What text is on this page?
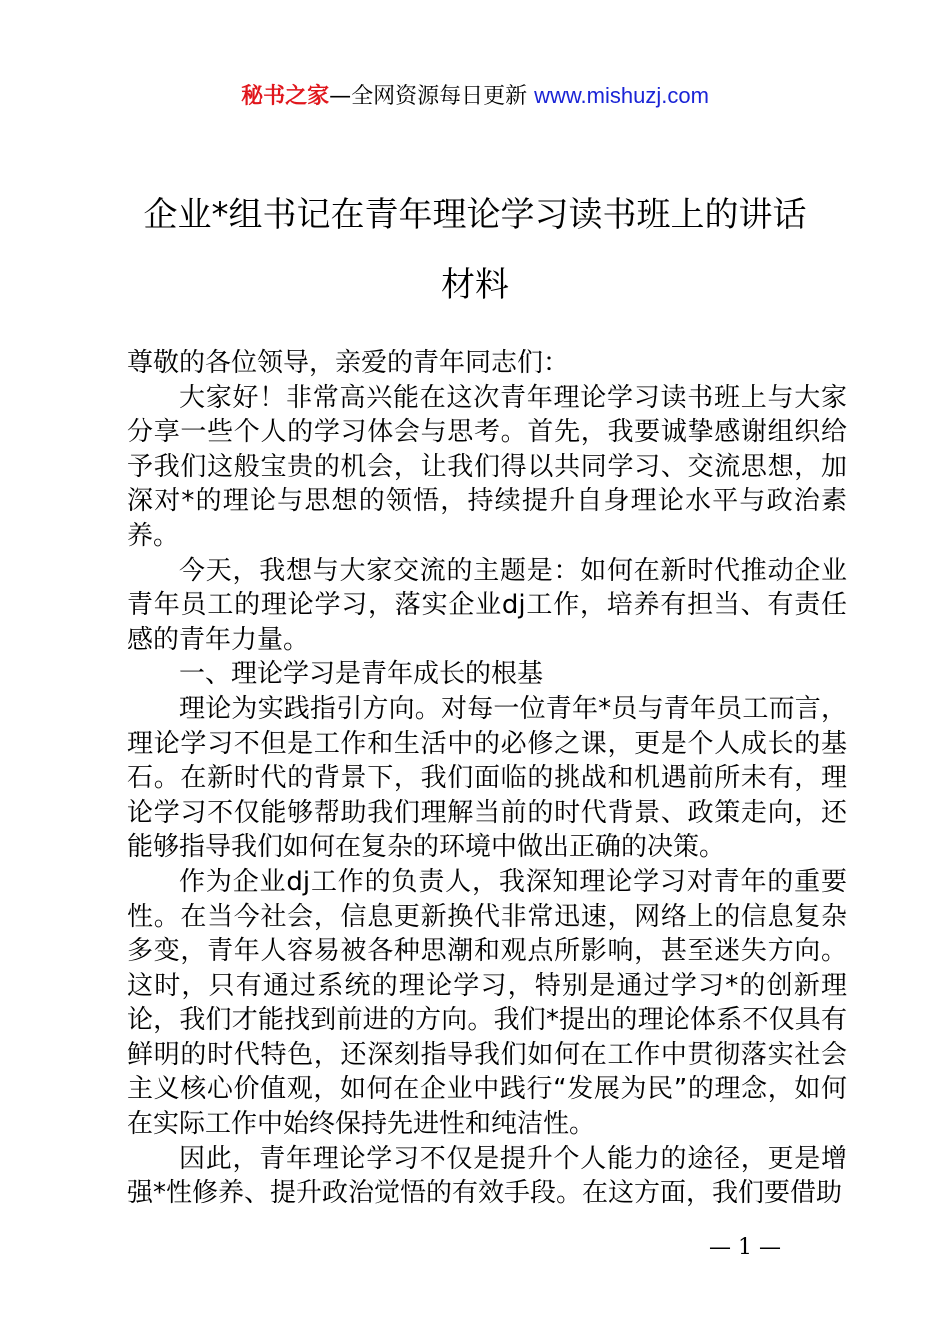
秘书之家—全网资源每日更新 www.mishuzj.com
企业*组书记在青年理论学习读书班上的讲话
材料

尊敬的各位领导，亲爱的青年同志们：

大家好！非常高兴能在这次青年理论学习读书班上与大家分享一些个人的学习体会与思考。首先，我要诚挚感谢组织给予我们这般宝贵的机会，让我们得以共同学习、交流思想，加深对*的理论与思想的领悟，持续提升自身理论水平与政治素养。

今天，我想与大家交流的主题是：如何在新时代推动企业青年员工的理论学习，落实企业dj工作，培养有担当、有责任感的青年力量。

一、理论学习是青年成长的根基

理论为实践指引方向。对每一位青年*员与青年员工而言，理论学习不但是工作和生活中的必修之课，更是个人成长的基石。在新时代的背景下，我们面临的挑战和机遇前所未有，理论学习不仅能够帮助我们理解当前的时代背景、政策走向，还能够指导我们如何在复杂的环境中做出正确的决策。

作为企业dj工作的负责人，我深知理论学习对青年的重要性。在当今社会，信息更新换代非常迅速，网络上的信息复杂多变，青年人容易被各种思潮和观点所影响，甚至迷失方向。这时，只有通过系统的理论学习，特别是通过学习*的创新理论，我们才能找到前进的方向。我们*提出的理论体系不仅具有鲜明的时代特色，还深刻指导我们如何在工作中贯彻落实社会主义核心价值观，如何在企业中践行“发展为民”的理念，如何在实际工作中始终保持先进性和纯洁性。

因此，青年理论学习不仅是提升个人能力的途径，更是增强*性修养、提升政治觉悟的有效手段。在这方面，我们要借助

— 1 —
